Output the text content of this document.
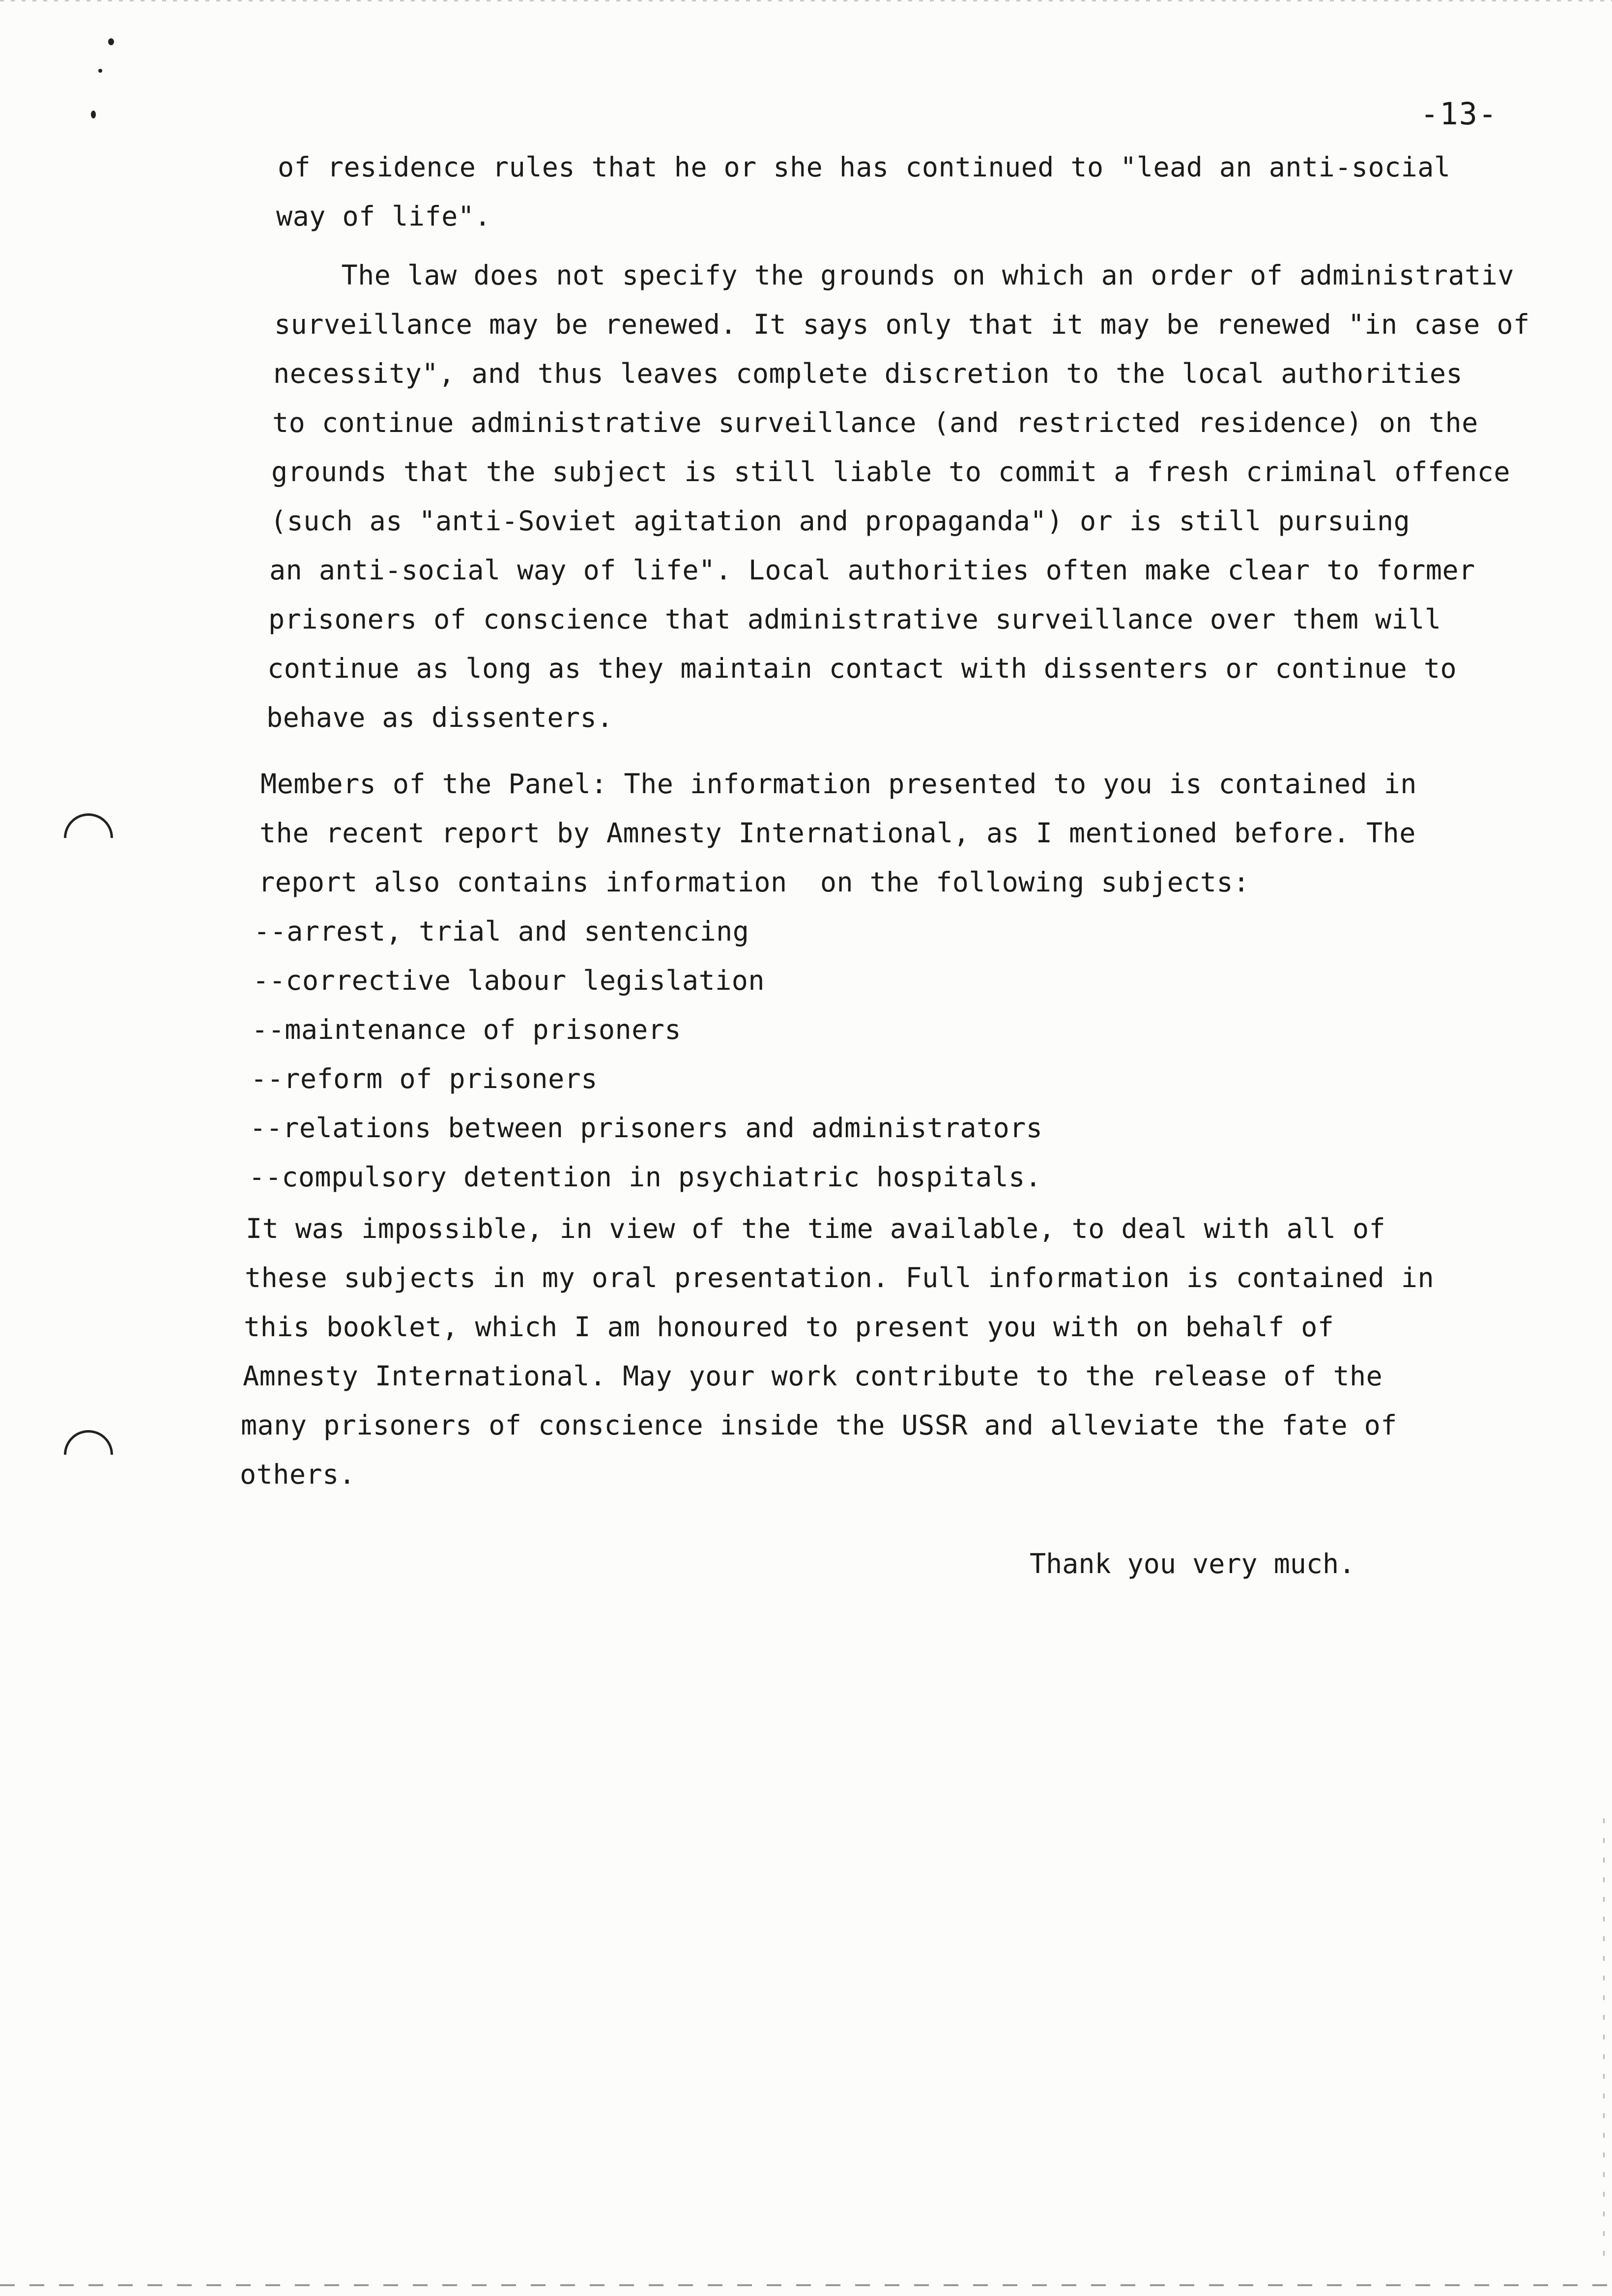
-13-
of residence rules that he or she has continued to "lead an anti-social
way of life".
The law does not specify the grounds on which an order of administrativ
surveillance may be renewed. It says only that it may be renewed "in case of
necessity", and thus leaves complete discretion to the local authorities
to continue administrative surveillance (and restricted residence) on the
grounds that the subject is still liable to commit a fresh criminal offence
(such as "anti-Soviet agitation and propaganda") or is still pursuing
an anti-social way of life". Local authorities often make clear to former
prisoners of conscience that administrative surveillance over them will
continue as long as they maintain contact with dissenters or continue to
behave as dissenters.
Members of the Panel: The information presented to you is contained in
the recent report by Amnesty International, as I mentioned before. The
report also contains information  on the following subjects:
--arrest, trial and sentencing
--corrective labour legislation
--maintenance of prisoners
--reform of prisoners
--relations between prisoners and administrators
--compulsory detention in psychiatric hospitals.
It was impossible, in view of the time available, to deal with all of
these subjects in my oral presentation. Full information is contained in
this booklet, which I am honoured to present you with on behalf of
Amnesty International. May your work contribute to the release of the
many prisoners of conscience inside the USSR and alleviate the fate of
others.
Thank you very much.
